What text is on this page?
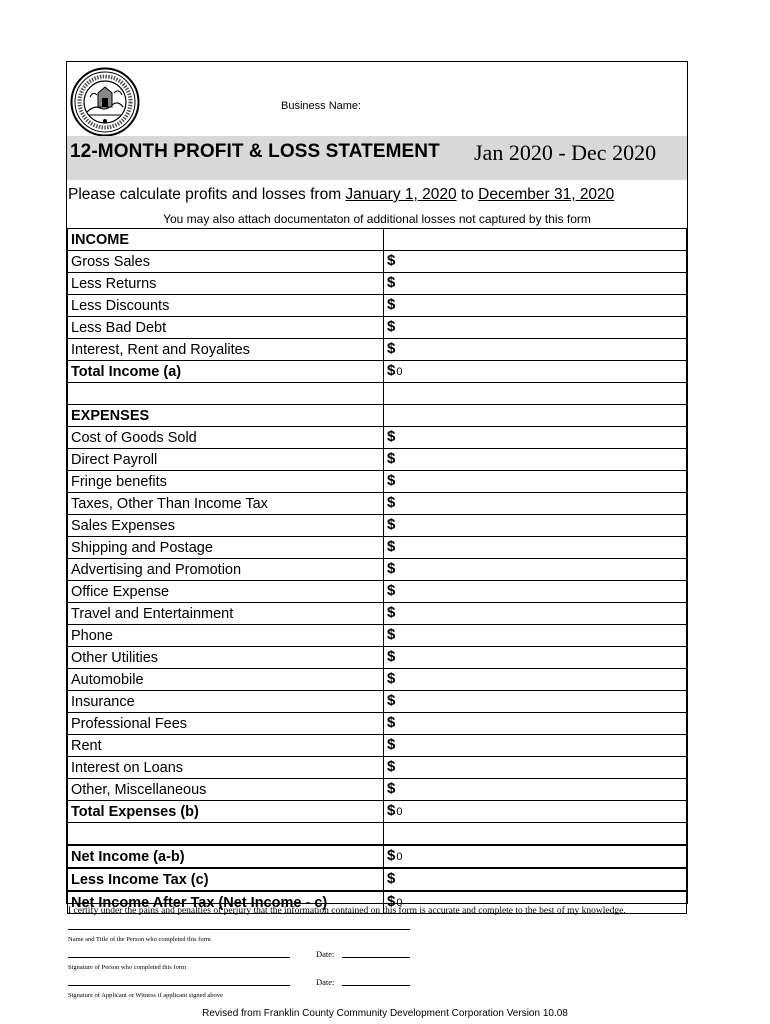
Business Name:
12-MONTH PROFIT & LOSS STATEMENT Jan 2020 - Dec 2020
Please calculate profits and losses from January 1, 2020 to December 31, 2020
You may also attach documentaton of additional losses not captured by this form
INCOME	
Gross Sales	$
Less Returns	$
Less Discounts	$
Less Bad Debt	$
Interest, Rent and Royalites	$
Total Income (a)	$0

EXPENSES	
Cost of Goods Sold	$
Direct Payroll	$
Fringe benefits	$
Taxes, Other Than Income Tax	$
Sales Expenses	$
Shipping and Postage	$
Advertising and Promotion	$
Office Expense	$
Travel and Entertainment	$
Phone	$
Other Utilities	$
Automobile	$
Insurance	$
Professional Fees	$
Rent	$
Interest on Loans	$
Other, Miscellaneous	$
Total Expenses (b)	$0

Net Income (a-b)	$0
Less Income Tax (c)	$
Net Income After Tax (Net Income - c)	$0
I certify under the pains and penalties of perjury that the information contained on this form is accurate and complete to the best of my knowledge.
Name and Title of the Person who completed this form
Date:
Signature of Person who completed this form
Date:
Signature of Applicant or Witness if applicant signed above
Revised from Franklin County Community Development Corporation Version 10.08
